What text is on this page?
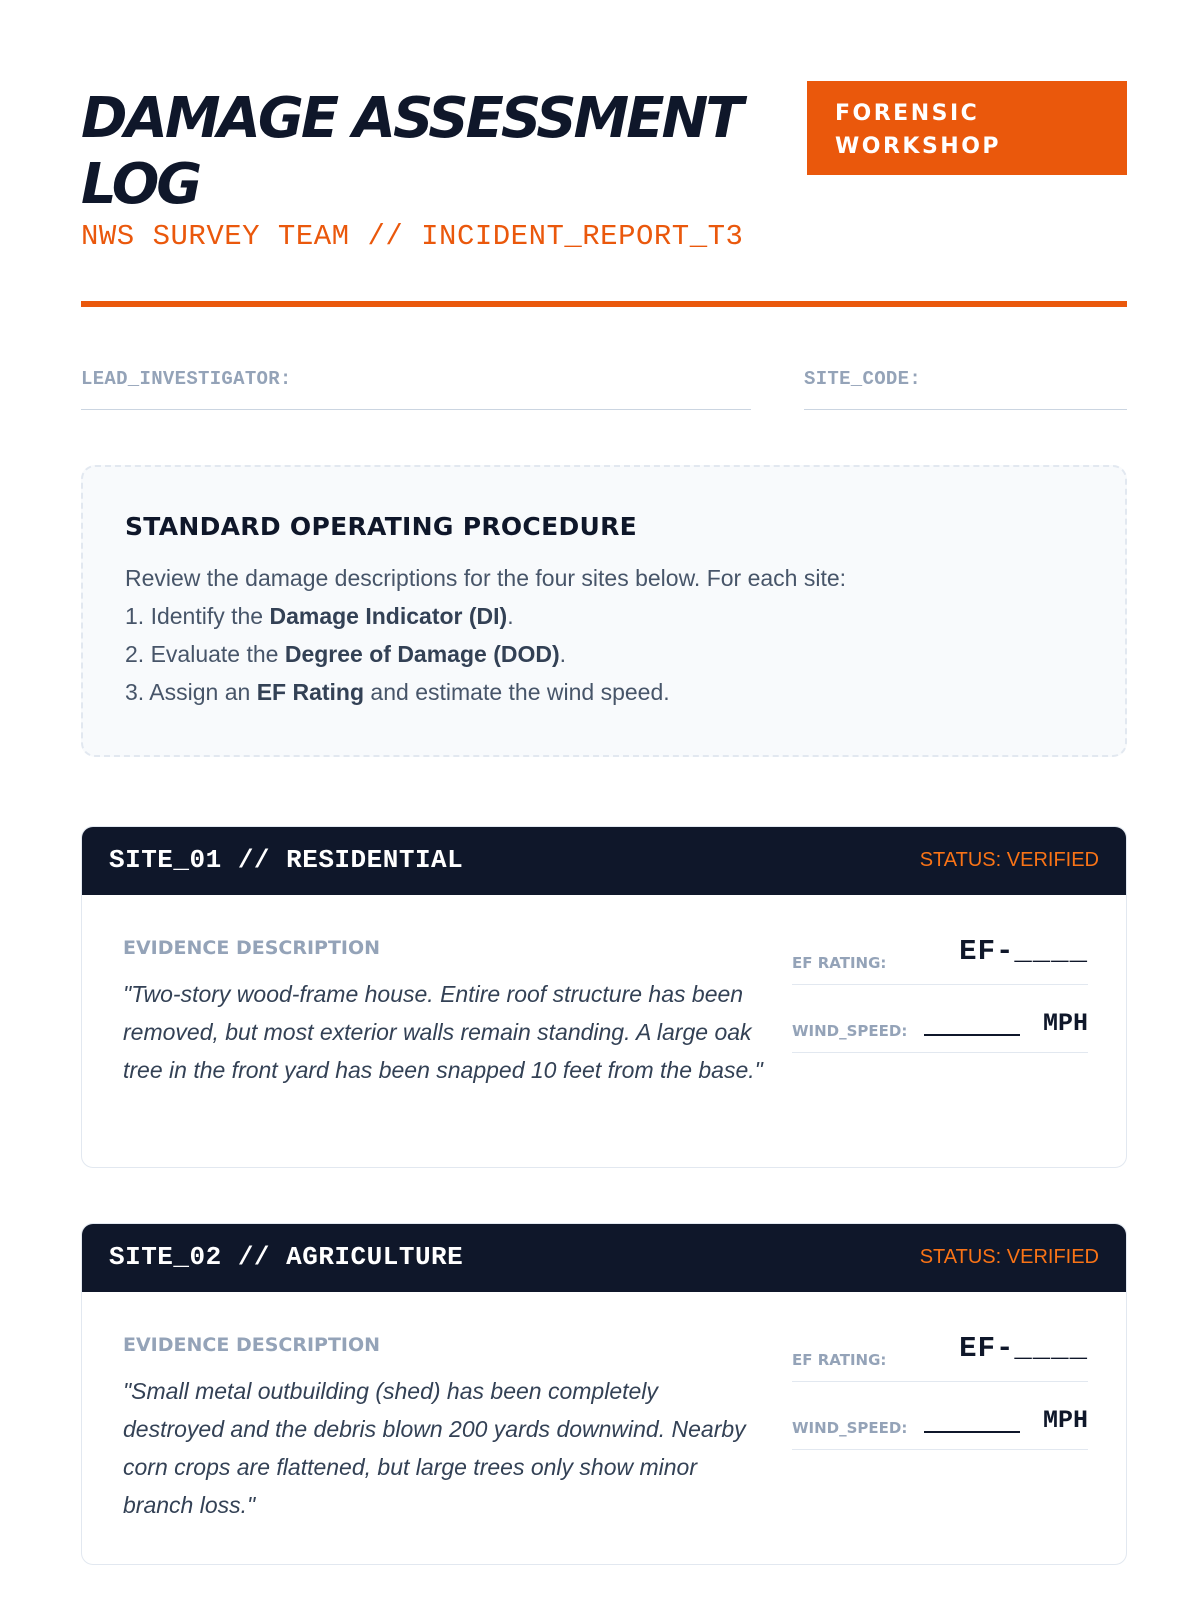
DAMAGE ASSESSMENT LOG
NWS SURVEY TEAM // INCIDENT_REPORT_T3
FORENSIC
WORKSHOP
LEAD_INVESTIGATOR:	SITE_CODE:
STANDARD OPERATING PROCEDURE
Review the damage descriptions for the four sites below. For each site:
1. Identify the Damage Indicator (DI).
2. Evaluate the Degree of Damage (DOD).
3. Assign an EF Rating and estimate the wind speed.
SITE_01 // RESIDENTIAL	STATUS: VERIFIED
EVIDENCE DESCRIPTION
"Two-story wood-frame house. Entire roof structure has been removed, but most exterior walls remain standing. A large oak tree in the front yard has been snapped 10 feet from the base."
EF RATING:	EF-____
WIND_SPEED:	MPH
SITE_02 // AGRICULTURE	STATUS: VERIFIED
EVIDENCE DESCRIPTION
"Small metal outbuilding (shed) has been completely destroyed and the debris blown 200 yards downwind. Nearby corn crops are flattened, but large trees only show minor branch loss."
EF RATING:	EF-____
WIND_SPEED:	MPH
